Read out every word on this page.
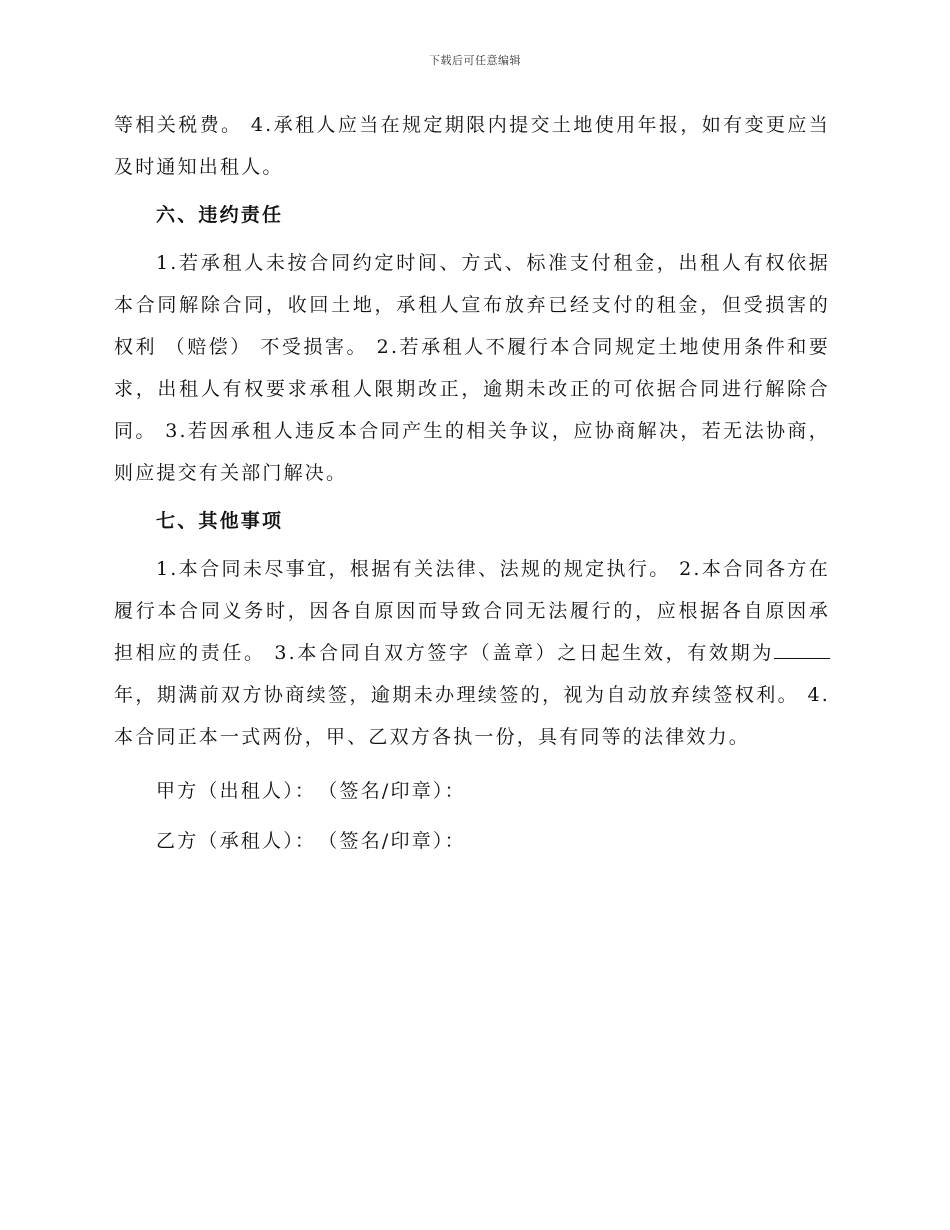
下载后可任意编辑

等相关税费。 4.承租人应当在规定期限内提交土地使用年报，如有变更应当及时通知出租人。

六、违约责任

1.若承租人未按合同约定时间、方式、标准支付租金，出租人有权依据本合同解除合同，收回土地，承租人宣布放弃已经支付的租金，但受损害的权利 （赔偿） 不受损害。 2.若承租人不履行本合同规定土地使用条件和要求，出租人有权要求承租人限期改正，逾期未改正的可依据合同进行解除合同。 3.若因承租人违反本合同产生的相关争议，应协商解决，若无法协商，则应提交有关部门解决。

七、其他事项

1.本合同未尽事宜，根据有关法律、法规的规定执行。 2.本合同各方在履行本合同义务时，因各自原因而导致合同无法履行的，应根据各自原因承担相应的责任。 3.本合同自双方签字（盖章）之日起生效，有效期为年，期满前双方协商续签，逾期未办理续签的，视为自动放弃续签权利。 4.本合同正本一式两份，甲、乙双方各执一份，具有同等的法律效力。

甲方（出租人）：　（签名/印章）：
乙方（承租人）：　（签名/印章）：
